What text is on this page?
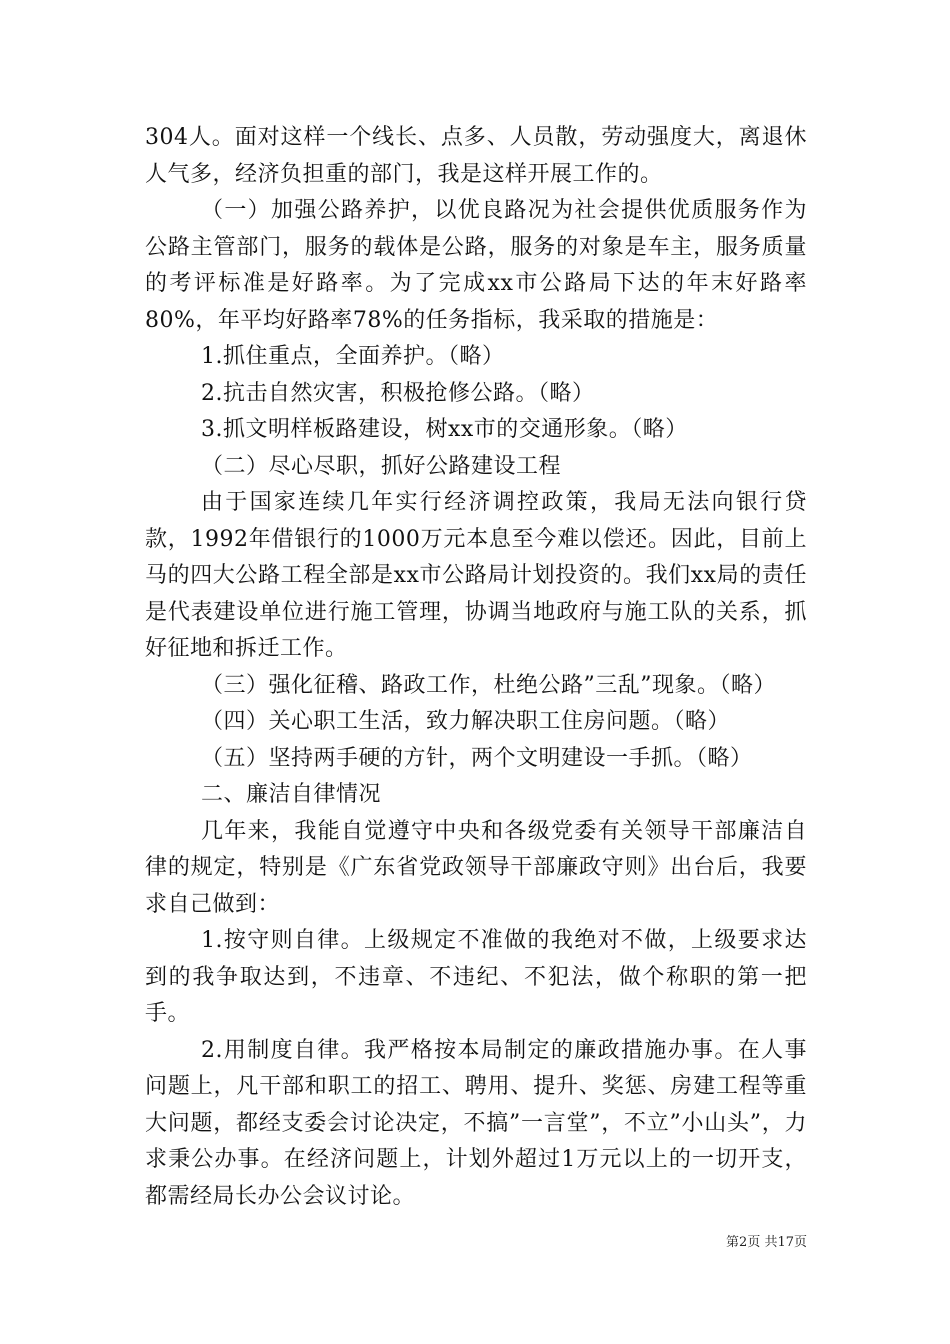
304人。面对这样一个线长、点多、人员散，劳动强度大，离退休人气多，经济负担重的部门，我是这样开展工作的。

（一）加强公路养护，以优良路况为社会提供优质服务作为公路主管部门，服务的载体是公路，服务的对象是车主，服务质量的考评标准是好路率。为了完成xx市公路局下达的年末好路率80%，年平均好路率78%的任务指标，我采取的措施是：

1.抓住重点，全面养护。（略）

2.抗击自然灾害，积极抢修公路。（略）

3.抓文明样板路建设，树xx市的交通形象。（略）

（二）尽心尽职，抓好公路建设工程

由于国家连续几年实行经济调控政策，我局无法向银行贷款，1992年借银行的1000万元本息至今难以偿还。因此，目前上马的四大公路工程全部是xx市公路局计划投资的。我们xx局的责任是代表建设单位进行施工管理，协调当地政府与施工队的关系，抓好征地和拆迁工作。

（三）强化征稽、路政工作，杜绝公路”三乱”现象。（略）

（四）关心职工生活，致力解决职工住房问题。（略）

（五）坚持两手硬的方针，两个文明建设一手抓。（略）

二、廉洁自律情况

几年来，我能自觉遵守中央和各级党委有关领导干部廉洁自律的规定，特别是《广东省党政领导干部廉政守则》出台后，我要求自己做到：

1.按守则自律。上级规定不准做的我绝对不做，上级要求达到的我争取达到，不违章、不违纪、不犯法，做个称职的第一把手。

2.用制度自律。我严格按本局制定的廉政措施办事。在人事问题上，凡干部和职工的招工、聘用、提升、奖惩、房建工程等重大问题，都经支委会讨论决定，不搞”一言堂”，不立”小山头”，力求秉公办事。在经济问题上，计划外超过1万元以上的一切开支，都需经局长办公会议讨论。

第2页 共17页
